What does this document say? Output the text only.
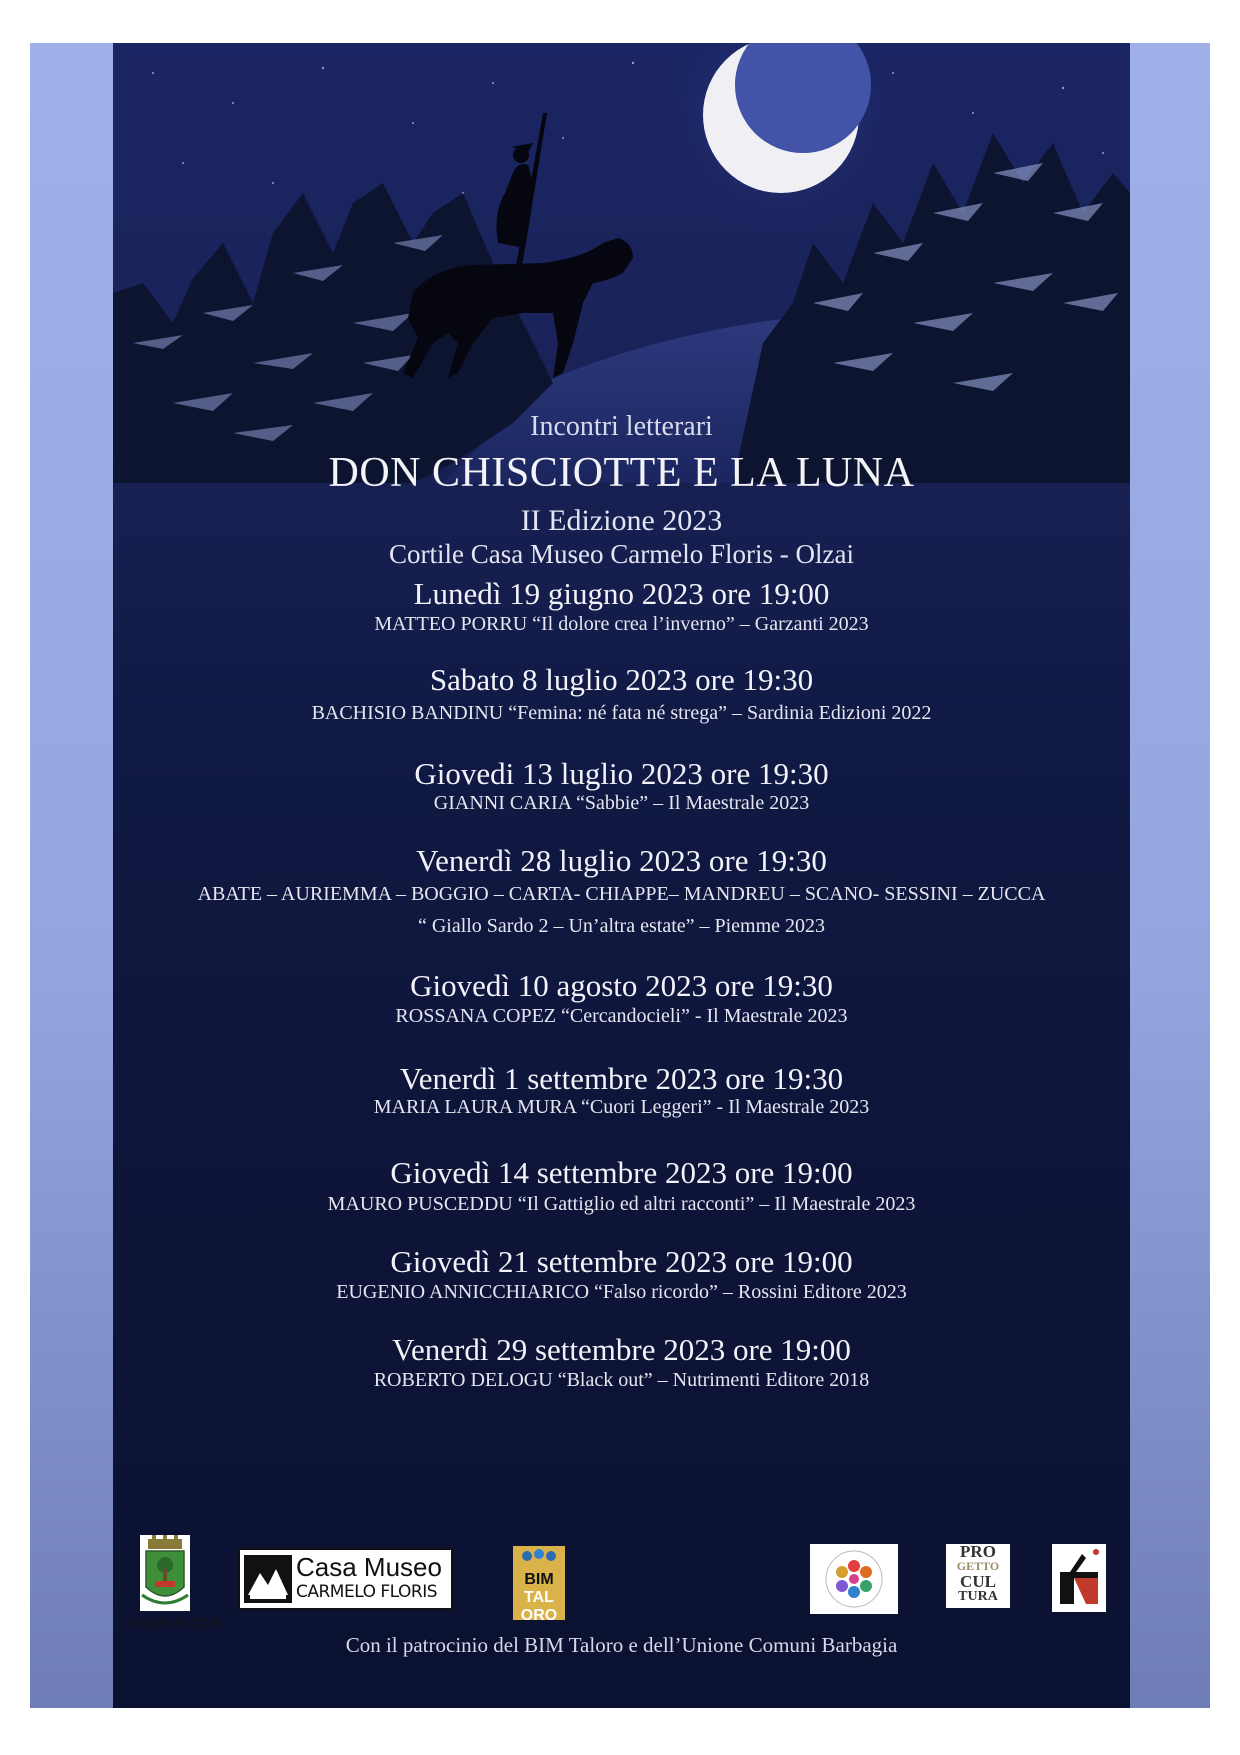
Incontri letterari
DON CHISCIOTTE E LA LUNA
II Edizione 2023
Cortile Casa Museo Carmelo Floris - Olzai
Lunedì 19 giugno 2023 ore 19:00
MATTEO PORRU “Il dolore crea l’inverno” – Garzanti 2023
Sabato 8 luglio 2023 ore 19:30
BACHISIO BANDINU “Femina: né fata né strega” – Sardinia Edizioni 2022
Giovedi 13 luglio 2023 ore 19:30
GIANNI CARIA “Sabbie” – Il Maestrale 2023
Venerdì 28 luglio 2023 ore 19:30
ABATE – AURIEMMA – BOGGIO – CARTA- CHIAPPE– MANDREU – SCANO- SESSINI – ZUCCA
“ Giallo Sardo 2 – Un’altra estate” – Piemme 2023
Giovedì 10 agosto 2023 ore 19:30
ROSSANA COPEZ “Cercandocieli” - Il Maestrale 2023
Venerdì 1 settembre 2023 ore 19:30
MARIA LAURA MURA “Cuori Leggeri” - Il Maestrale 2023
Giovedì 14 settembre 2023 ore 19:00
MAURO PUSCEDDU “Il Gattiglio ed altri racconti” – Il Maestrale 2023
Giovedì 21 settembre 2023 ore 19:00
EUGENIO ANNICCHIARICO “Falso ricordo” – Rossini Editore 2023
Venerdì 29 settembre 2023 ore 19:00
ROBERTO DELOGU “Black out” – Nutrimenti Editore 2018
Con il patrocinio del BIM Taloro e dell’Unione Comuni Barbagia
Comune di Olzai
Casa Museo
CARMELO FLORIS
BIM
TAL
ORO
PRO
GETTO
CUL
TURA
